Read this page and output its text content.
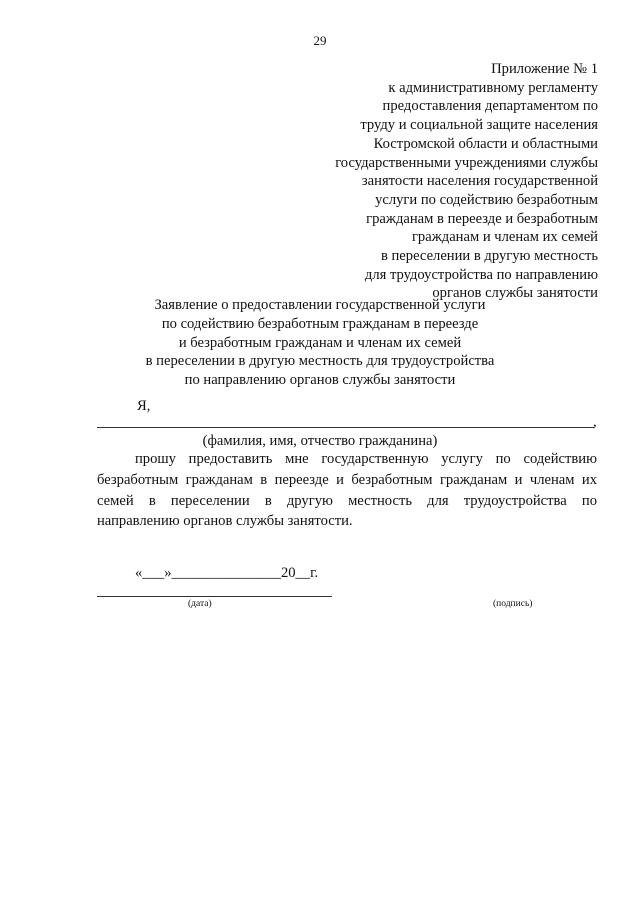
29
Приложение № 1
к административному регламенту
предоставления департаментом по
труду и социальной защите населения
Костромской области и областными
государственными учреждениями службы
занятости населения государственной
услуги по содействию безработным
гражданам в переезде и безработным
гражданам и членам их семей
в переселении в другую местность
для трудоустройства по направлению
органов службы занятости
Заявление о предоставлении государственной услуги
по содействию безработным гражданам в переезде
и безработным гражданам и членам их семей
в переселении в другую местность для трудоустройства
по направлению органов службы занятости
Я,
,
(фамилия, имя, отчество гражданина)

прошу предоставить мне государственную услугу по содействию

безработным гражданам в переезде и безработным гражданам и членам их

семей в переселении в другую местность для трудоустройства по

направлению органов службы занятости.

«___»_______________20__г.
(дата)	(подпись)
